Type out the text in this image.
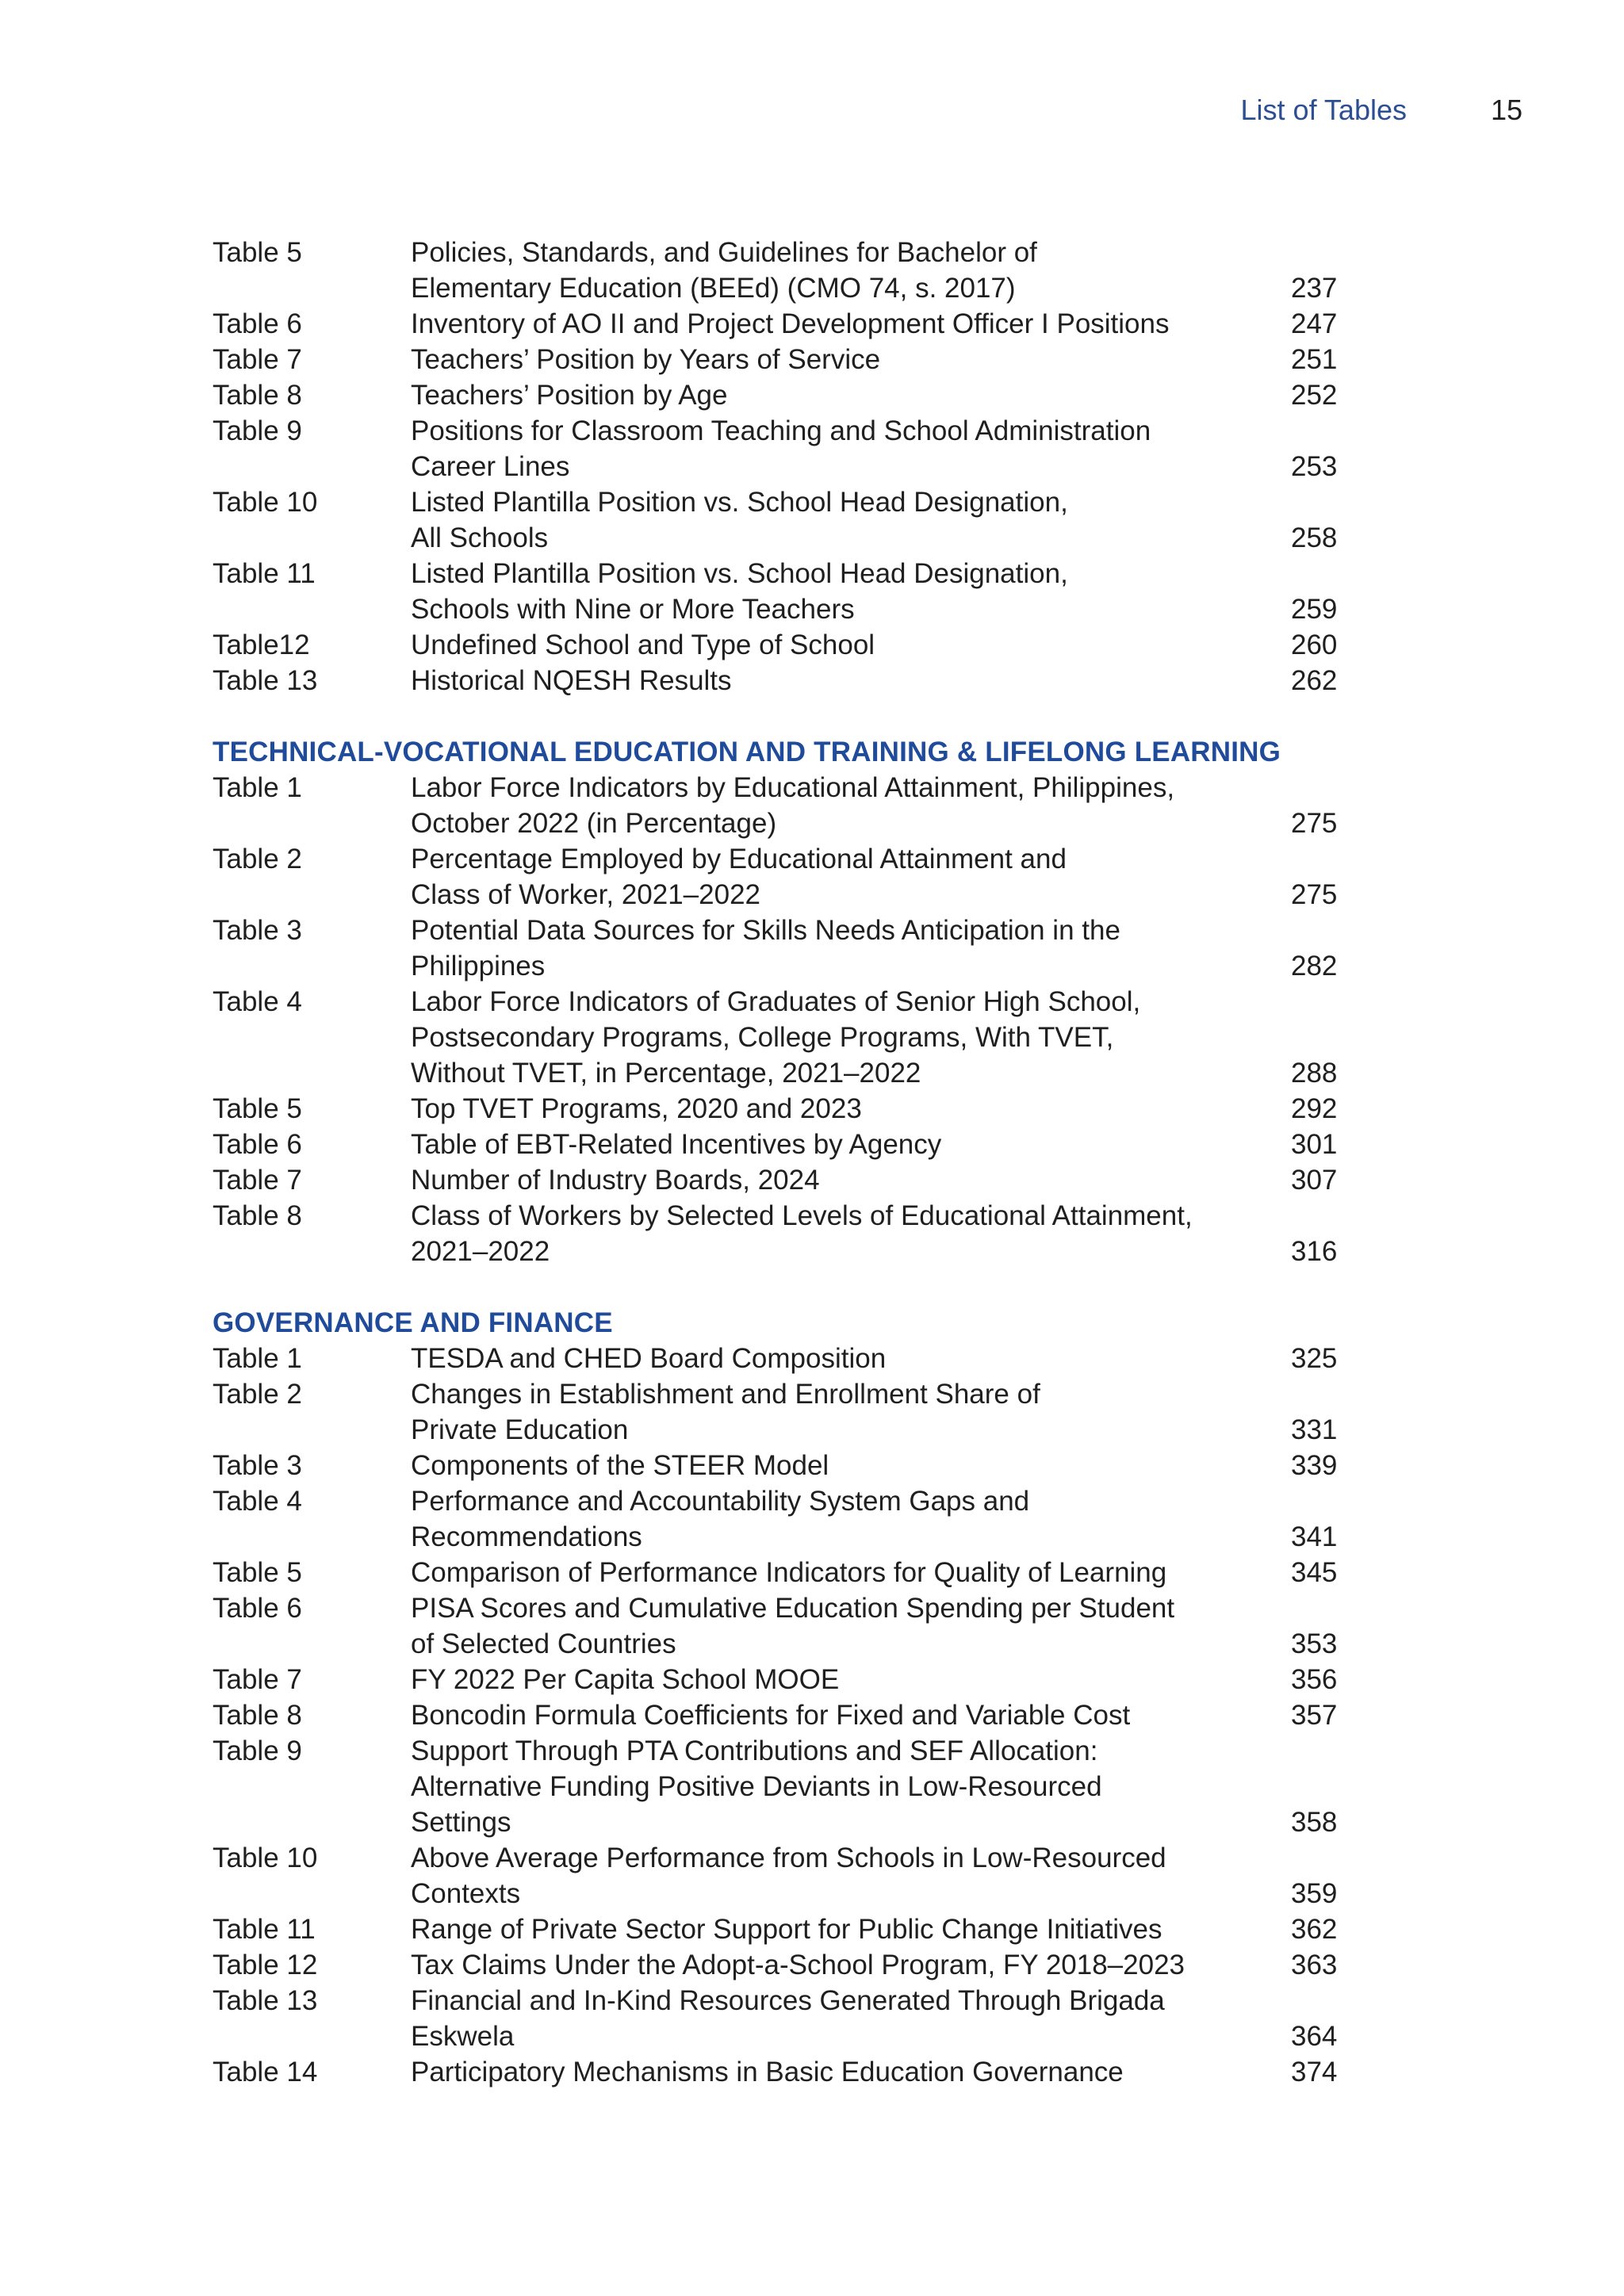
List of Tables	15
Table 5	Policies, Standards, and Guidelines for Bachelor of
Elementary Education (BEEd) (CMO 74, s. 2017)	237
Table 6	Inventory of AO II and Project Development Officer I Positions	247
Table 7	Teachers’ Position by Years of Service	251
Table 8	Teachers’ Position by Age	252
Table 9	Positions for Classroom Teaching and School Administration
Career Lines	253
Table 10	Listed Plantilla Position vs. School Head Designation,
All Schools	258
Table 11	Listed Plantilla Position vs. School Head Designation,
Schools with Nine or More Teachers	259
Table12	Undefined School and Type of School	260
Table 13	Historical NQESH Results	262
TECHNICAL-VOCATIONAL EDUCATION AND TRAINING & LIFELONG LEARNING
Table 1	Labor Force Indicators by Educational Attainment, Philippines,
October 2022 (in Percentage)	275
Table 2	Percentage Employed by Educational Attainment and
Class of Worker, 2021–2022	275
Table 3	Potential Data Sources for Skills Needs Anticipation in the
Philippines	282
Table 4	Labor Force Indicators of Graduates of Senior High School,
Postsecondary Programs, College Programs, With TVET,
Without TVET, in Percentage, 2021–2022	288
Table 5	Top TVET Programs, 2020 and 2023	292
Table 6	Table of EBT-Related Incentives by Agency	301
Table 7	Number of Industry Boards, 2024	307
Table 8	Class of Workers by Selected Levels of Educational Attainment,
2021–2022	316
GOVERNANCE AND FINANCE
Table 1	TESDA and CHED Board Composition	325
Table 2	Changes in Establishment and Enrollment Share of
Private Education	331
Table 3	Components of the STEER Model	339
Table 4	Performance and Accountability System Gaps and
Recommendations	341
Table 5	Comparison of Performance Indicators for Quality of Learning	345
Table 6	PISA Scores and Cumulative Education Spending per Student
of Selected Countries	353
Table 7	FY 2022 Per Capita School MOOE	356
Table 8	Boncodin Formula Coefficients for Fixed and Variable Cost	357
Table 9	Support Through PTA Contributions and SEF Allocation:
Alternative Funding Positive Deviants in Low-Resourced
Settings	358
Table 10	Above Average Performance from Schools in Low-Resourced
Contexts	359
Table 11	Range of Private Sector Support for Public Change Initiatives	362
Table 12	Tax Claims Under the Adopt-a-School Program, FY 2018–2023	363
Table 13	Financial and In-Kind Resources Generated Through Brigada
Eskwela	364
Table 14	Participatory Mechanisms in Basic Education Governance	374
